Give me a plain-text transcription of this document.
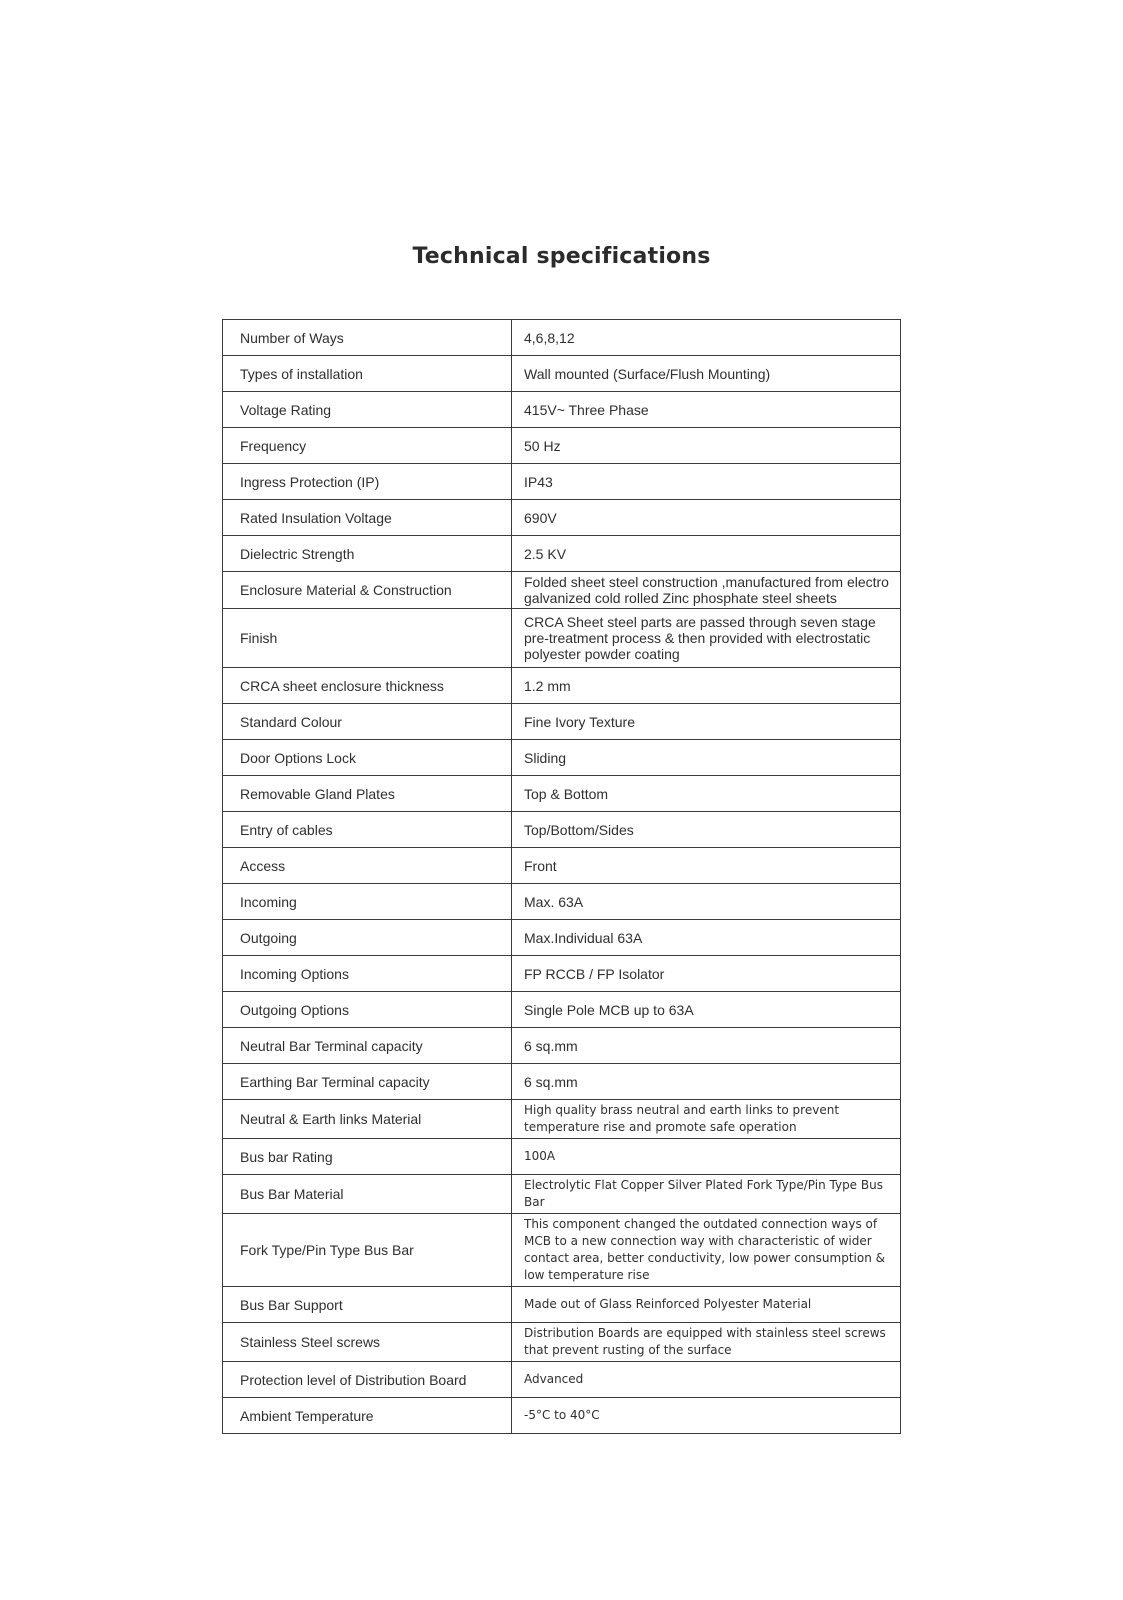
Technical specifications
Number of Ways	4,6,8,12
Types of installation	Wall mounted (Surface/Flush Mounting)
Voltage Rating	415V~ Three Phase
Frequency	50 Hz
Ingress Protection (IP)	IP43
Rated Insulation Voltage	690V
Dielectric Strength	2.5 KV
Enclosure Material & Construction	Folded sheet steel construction ,manufactured from electro galvanized cold rolled Zinc phosphate steel sheets
Finish	CRCA Sheet steel parts are passed through seven stage pre-treatment process & then provided with electrostatic polyester powder coating
CRCA sheet enclosure thickness	1.2 mm
Standard Colour	Fine Ivory Texture
Door Options Lock	Sliding
Removable Gland Plates	Top & Bottom
Entry of cables	Top/Bottom/Sides
Access	Front
Incoming	Max. 63A
Outgoing	Max.Individual 63A
Incoming Options	FP RCCB / FP Isolator
Outgoing Options	Single Pole MCB up to 63A
Neutral Bar Terminal capacity	6 sq.mm
Earthing Bar Terminal capacity	6 sq.mm
Neutral & Earth links Material	High quality brass neutral and earth links to prevent temperature rise and promote safe operation
Bus bar Rating	100A
Bus Bar Material	Electrolytic Flat Copper Silver Plated Fork Type/Pin Type Bus Bar
Fork Type/Pin Type Bus Bar	This component changed the outdated connection ways of MCB to a new connection way with characteristic of wider contact area, better conductivity, low power consumption & low temperature rise
Bus Bar Support	Made out of Glass Reinforced Polyester Material
Stainless Steel screws	Distribution Boards are equipped with stainless steel screws that prevent rusting of the surface
Protection level of Distribution Board	Advanced
Ambient Temperature	-5°C to 40°C
